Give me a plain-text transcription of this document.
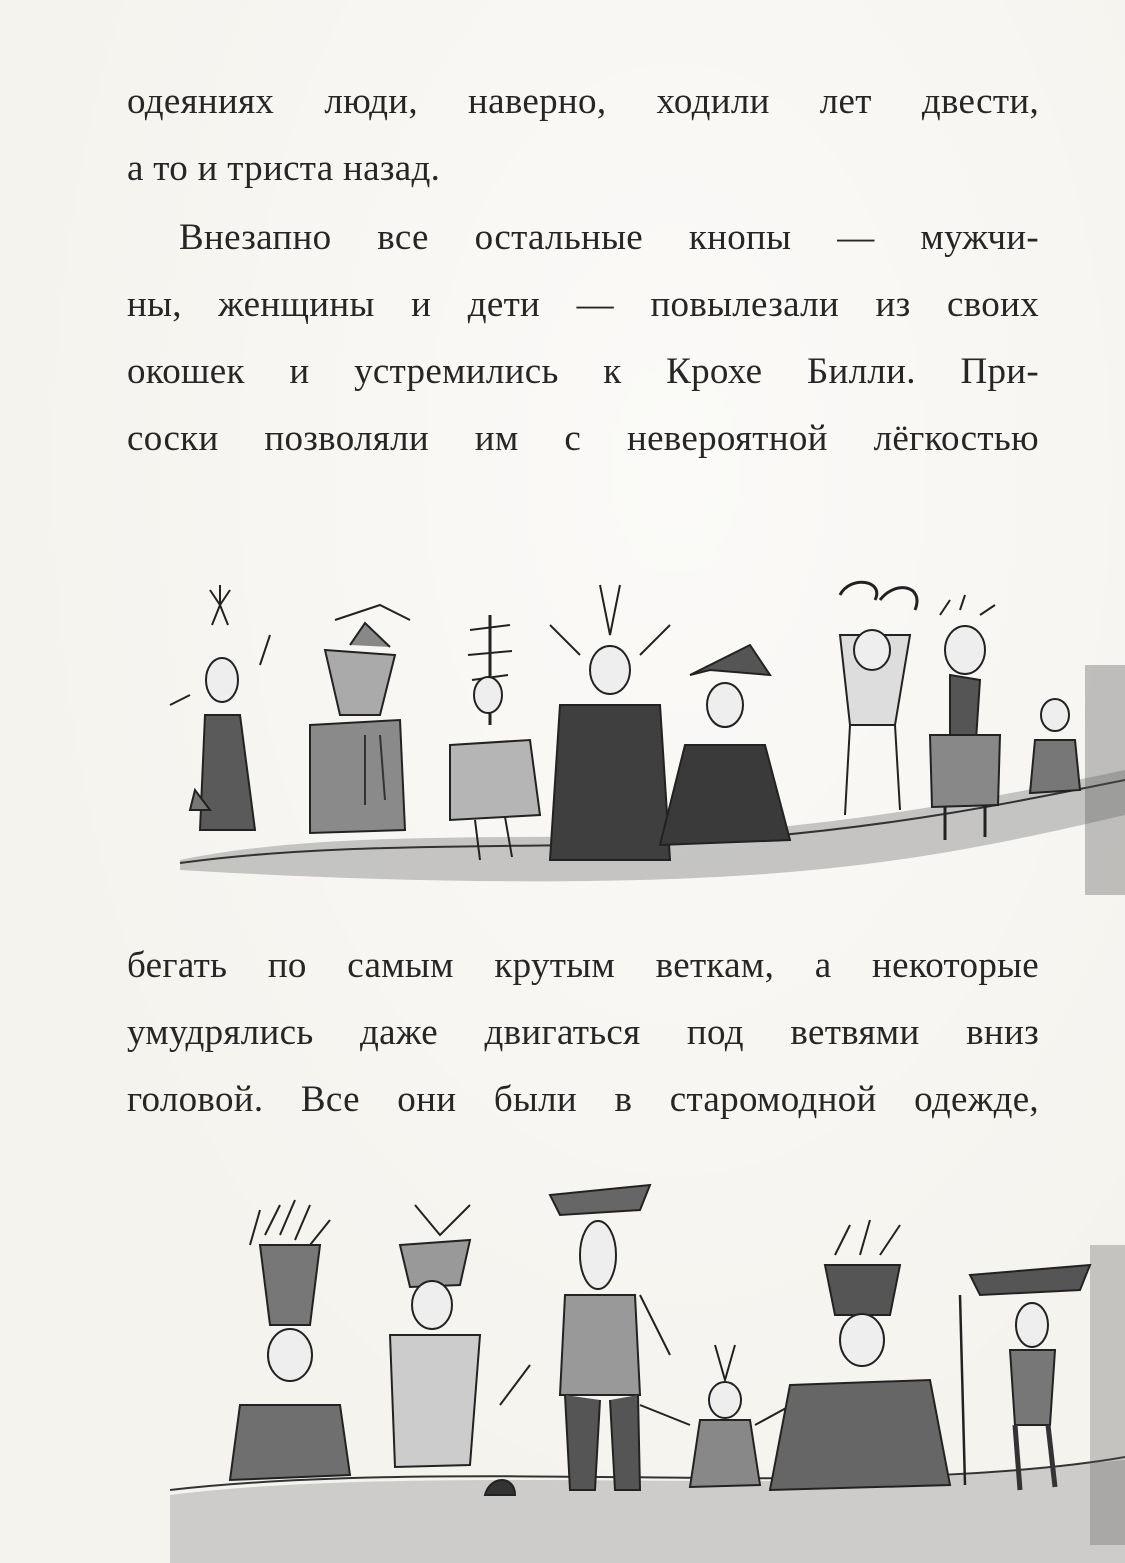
одеяниях люди, наверно, ходили лет двести,
а то и триста назад.
Внезапно все остальные кнопы — мужчи-
ны, женщины и дети — повылезали из своих
окошек и устремились к Крохе Билли. При-
соски позволяли им с невероятной лёгкостью
бегать по самым крутым веткам, а некоторые
умудрялись даже двигаться под ветвями вниз
головой. Все они были в старомодной одежде,
